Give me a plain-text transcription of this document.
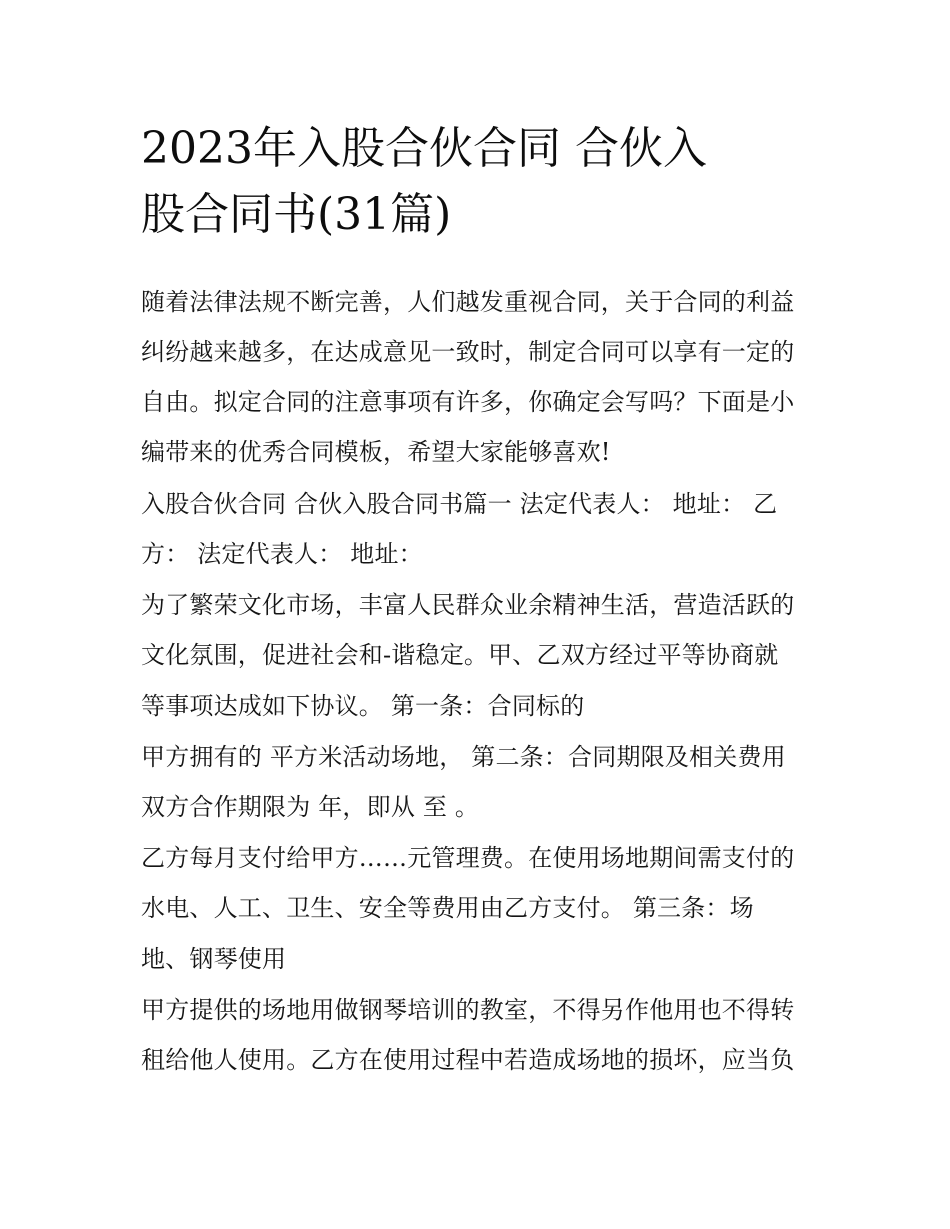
2023年入股合伙合同 合伙入
股合同书(31篇)
随着法律法规不断完善，人们越发重视合同，关于合同的利益
纠纷越来越多，在达成意见一致时，制定合同可以享有一定的
自由。拟定合同的注意事项有许多，你确定会写吗？下面是小
编带来的优秀合同模板，希望大家能够喜欢!
入股合伙合同 合伙入股合同书篇一 法定代表人： 地址： 乙
方： 法定代表人： 地址：
为了繁荣文化市场，丰富人民群众业余精神生活，营造活跃的
文化氛围，促进社会和-谐稳定。甲、乙双方经过平等协商就
等事项达成如下协议。 第一条：合同标的
甲方拥有的 平方米活动场地， 第二条：合同期限及相关费用
双方合作期限为 年，即从 至 。
乙方每月支付给甲方……元管理费。在使用场地期间需支付的
水电、人工、卫生、安全等费用由乙方支付。 第三条：场
地、钢琴使用
甲方提供的场地用做钢琴培训的教室，不得另作他用也不得转
租给他人使用。乙方在使用过程中若造成场地的损坏，应当负
